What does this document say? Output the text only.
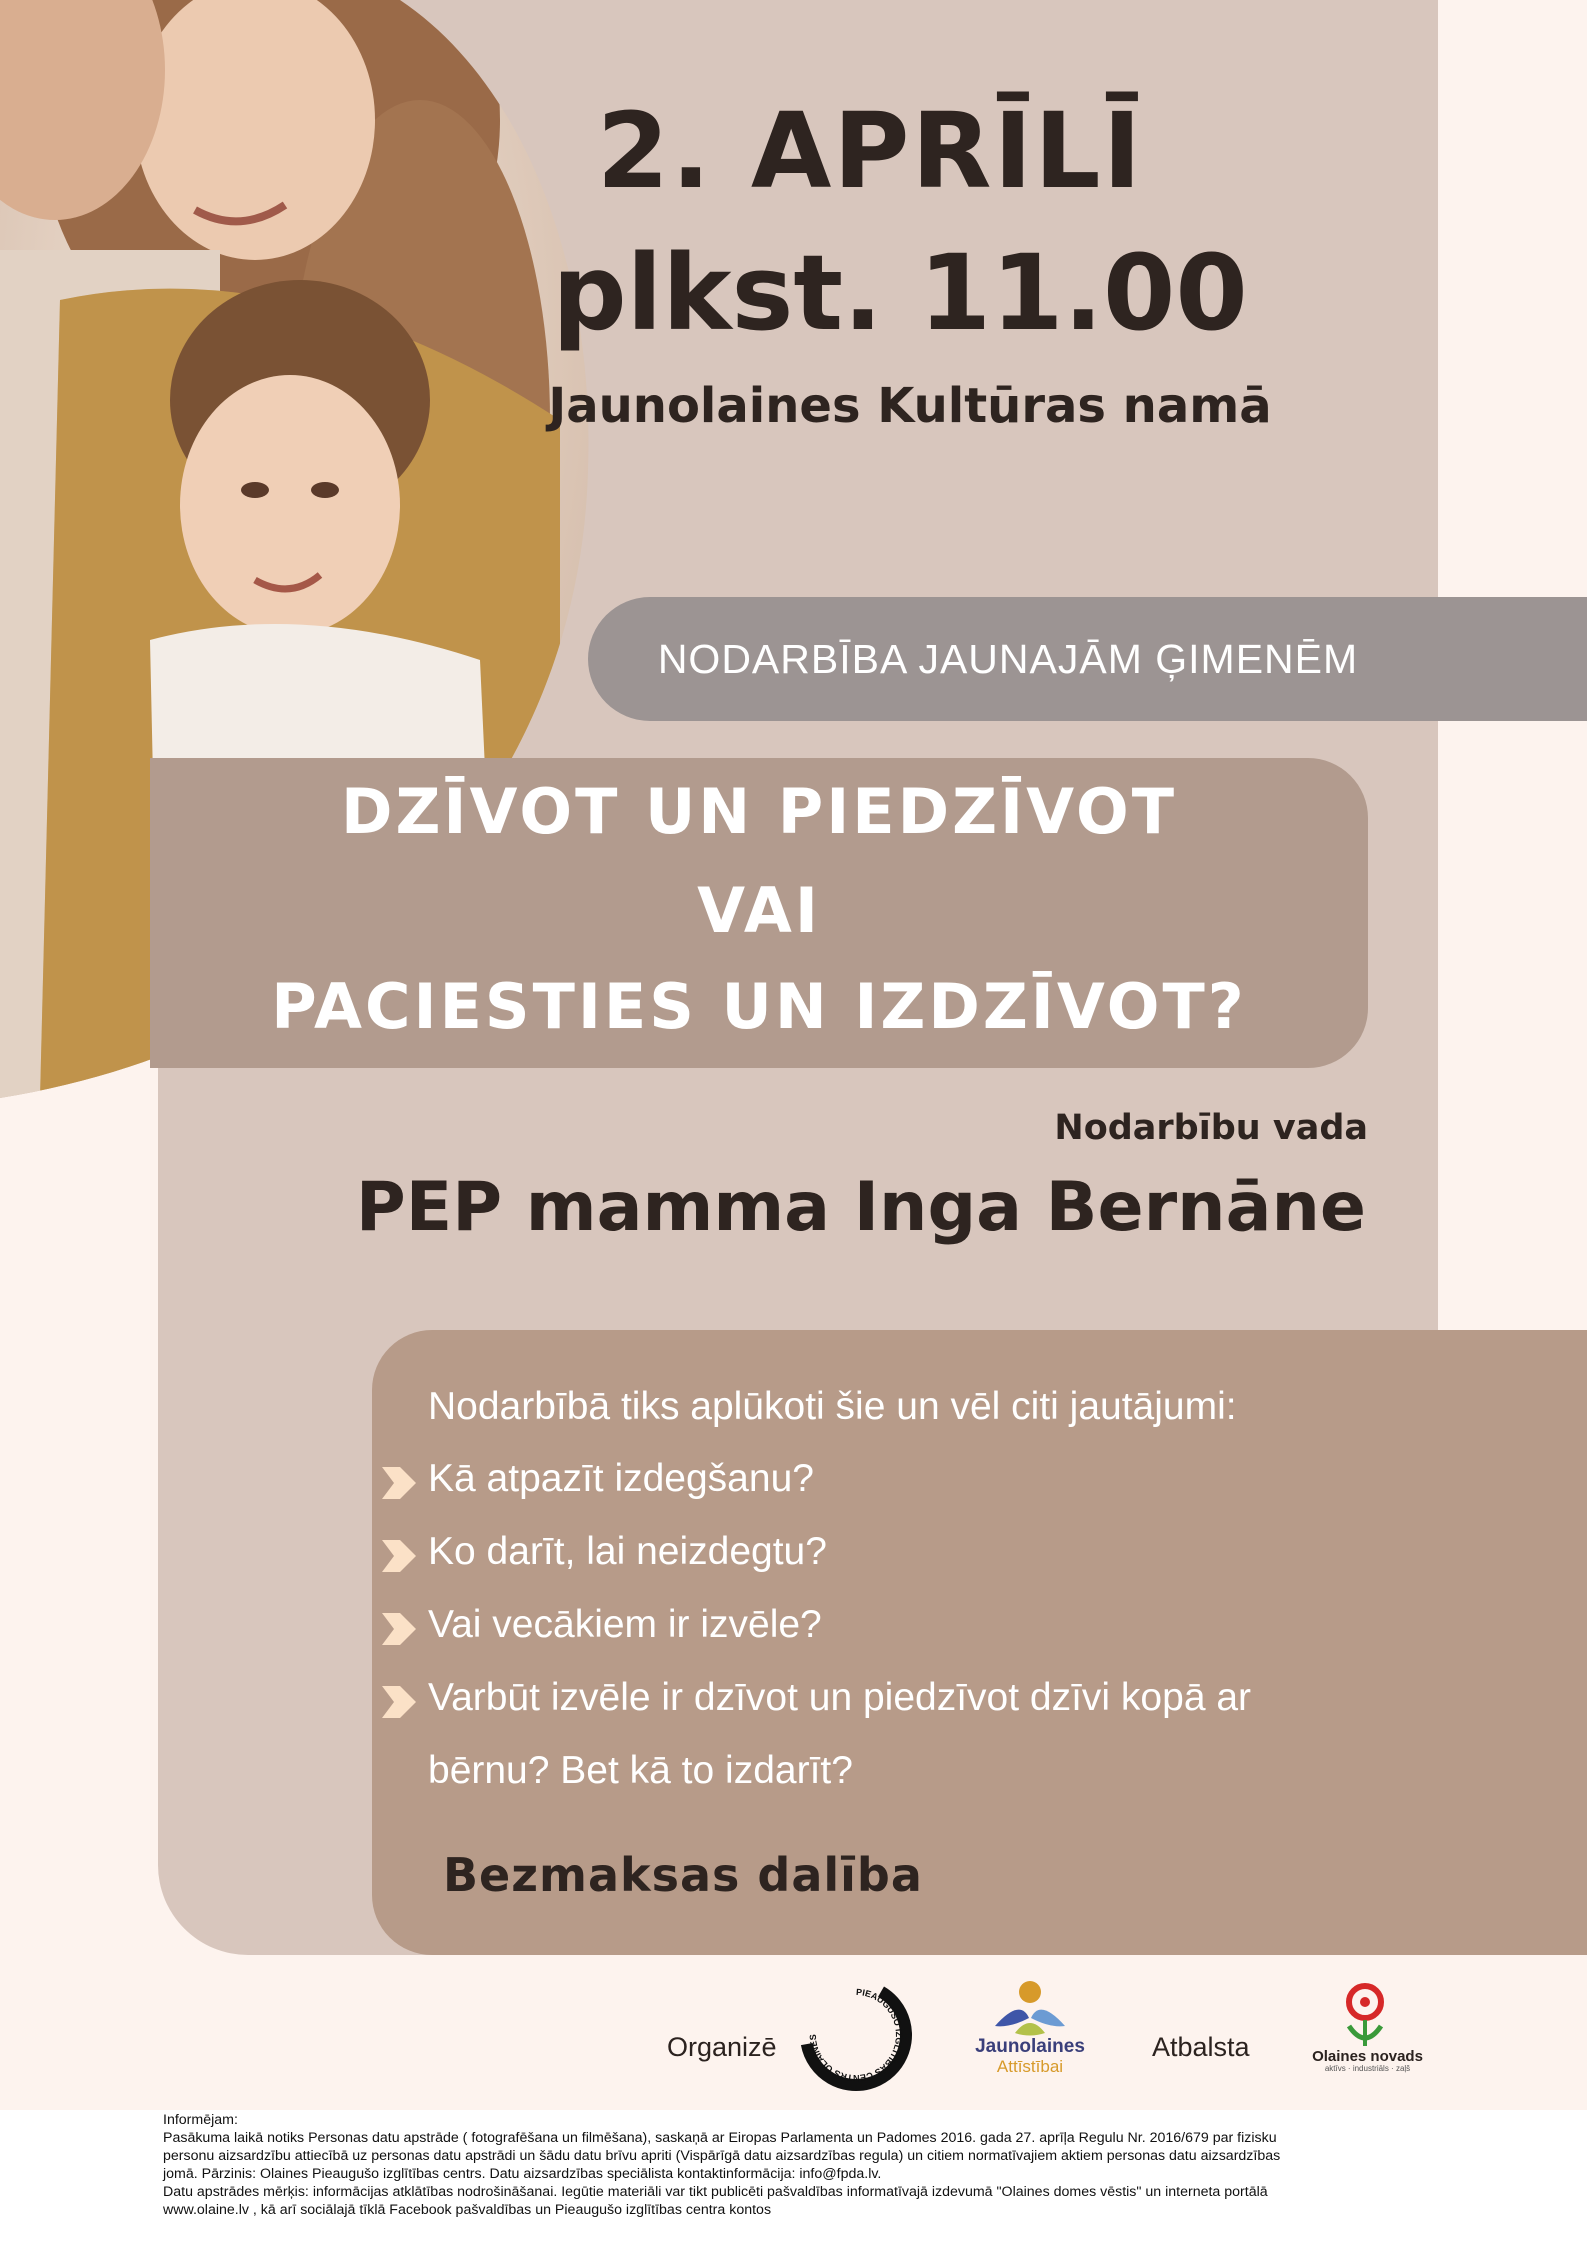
2. APRĪLĪ
plkst. 11.00
Jaunolaines Kultūras namā
NODARBĪBA JAUNAJĀM ĢIMENĒM
DZĪVOT UN PIEDZĪVOT
VAI
PACIESTIES UN IZDZĪVOT?
Nodarbību vada
PEP mamma Inga Bernāne
Nodarbībā tiks aplūkoti šie un vēl citi jautājumi:
Kā atpazīt izdegšanu?
Ko darīt, lai neizdegtu?
Vai vecākiem ir izvēle?
Varbūt izvēle ir dzīvot un piedzīvot dzīvi kopā ar
bērnu? Bet kā to izdarīt?
Bezmaksas dalība
Organizē
PIEAUGUŠO IZGLĪTĪBAS CENTRS OLAINES	Jaunolaines
Attīstībai
Atbalsta	Olaines novads
aktīvs · industriāls · zaļš
Informējam:
Pasākuma laikā notiks Personas datu apstrāde ( fotografēšana un filmēšana), saskaņā ar Eiropas Parlamenta un Padomes 2016. gada 27. aprīļa Regulu Nr. 2016/679 par fizisku
personu aizsardzību attiecībā uz personas datu apstrādi un šādu datu brīvu apriti (Vispārīgā datu aizsardzības regula) un citiem normatīvajiem aktiem personas datu aizsardzības
jomā. Pārzinis: Olaines Pieaugušo izglītības centrs. Datu aizsardzības speciālista kontaktinformācija: info@fpda.lv.
Datu apstrādes mērķis: informācijas atklātības nodrošināšanai. Iegūtie materiāli var tikt publicēti pašvaldības informatīvajā izdevumā "Olaines domes vēstis" un interneta portālā
www.olaine.lv , kā arī sociālajā tīklā Facebook pašvaldības un Pieaugušo izglītības centra kontos
